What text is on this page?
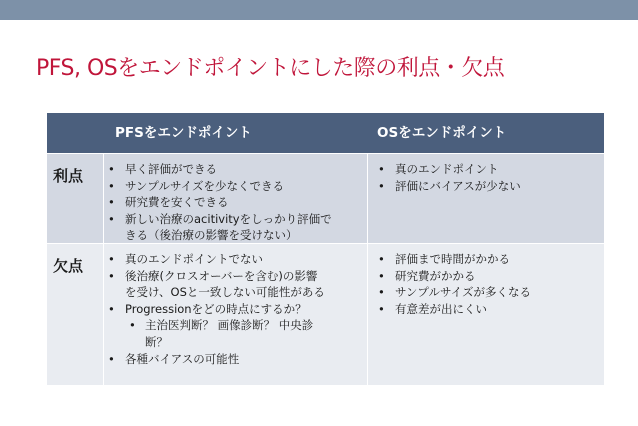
PFS, OSをエンドポイントにした際の利点・欠点
PFSをエンドポイント	OSをエンドポイント
利点 • 早く評価ができる
• サンプルサイズを少なくできる
• 研究費を安くできる
• 新しい治療のacitivityをしっかり評価で
きる（後治療の影響を受けない）
• 真のエンドポイント
• 評価にバイアスが少ない
欠点 • 真のエンドポイントでない
• 後治療(クロスオーバーを含む)の影響
を受け、OSと一致しない可能性がある
• Progressionをどの時点にするか？
• 主治医判断？ 画像診断？ 中央診
断？
• 各種バイアスの可能性
• 評価まで時間がかかる
• 研究費がかかる
• サンプルサイズが多くなる
• 有意差が出にくい
